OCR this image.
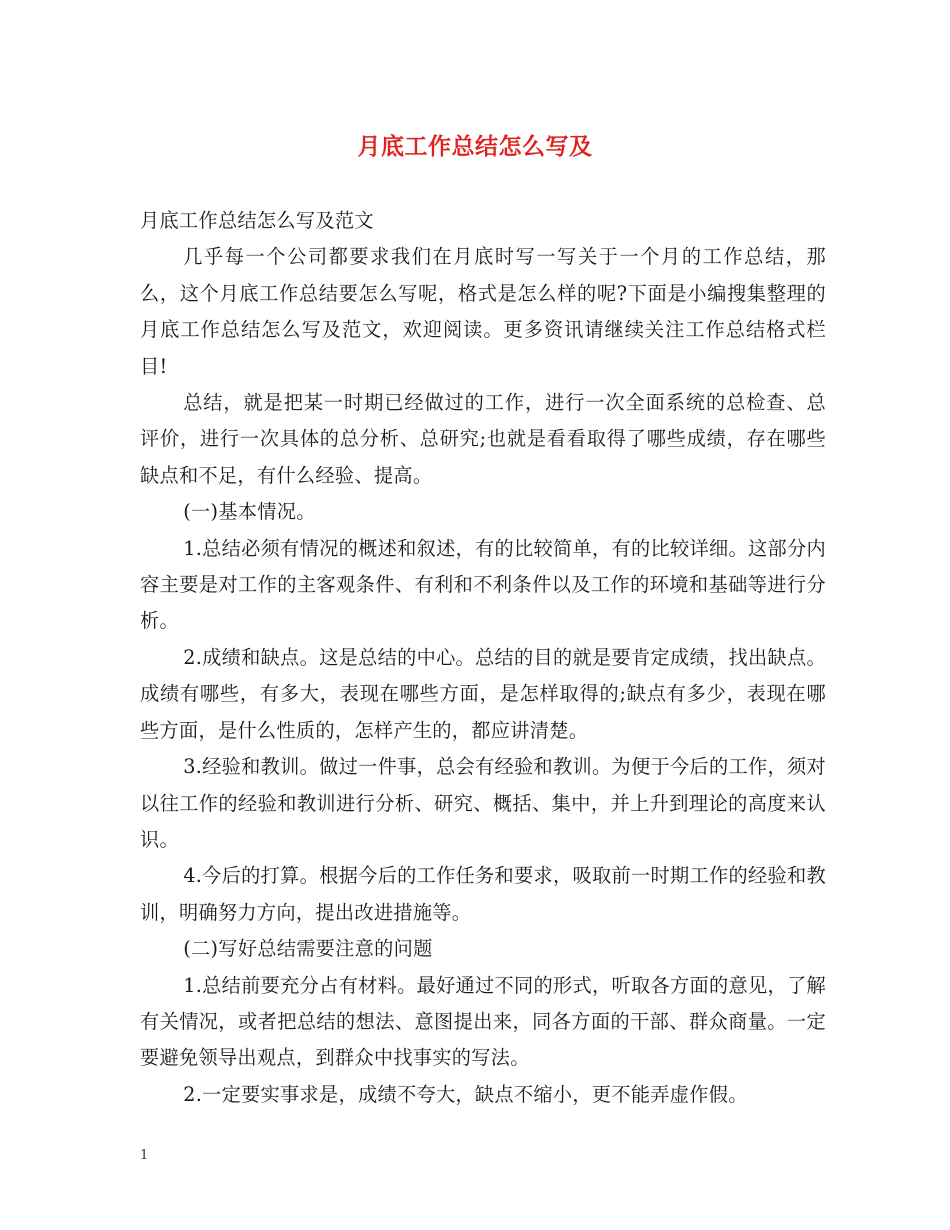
月底工作总结怎么写及

月底工作总结怎么写及范文

几乎每一个公司都要求我们在月底时写一写关于一个月的工作总结，那么，这个月底工作总结要怎么写呢，格式是怎么样的呢?下面是小编搜集整理的月底工作总结怎么写及范文，欢迎阅读。更多资讯请继续关注工作总结格式栏目!

总结，就是把某一时期已经做过的工作，进行一次全面系统的总检查、总评价，进行一次具体的总分析、总研究;也就是看看取得了哪些成绩，存在哪些缺点和不足，有什么经验、提高。

(一)基本情况。

1.总结必须有情况的概述和叙述，有的比较简单，有的比较详细。这部分内容主要是对工作的主客观条件、有利和不利条件以及工作的环境和基础等进行分析。

2.成绩和缺点。这是总结的中心。总结的目的就是要肯定成绩，找出缺点。成绩有哪些，有多大，表现在哪些方面，是怎样取得的;缺点有多少，表现在哪些方面，是什么性质的，怎样产生的，都应讲清楚。

3.经验和教训。做过一件事，总会有经验和教训。为便于今后的工作，须对以往工作的经验和教训进行分析、研究、概括、集中，并上升到理论的高度来认识。

4.今后的打算。根据今后的工作任务和要求，吸取前一时期工作的经验和教训，明确努力方向，提出改进措施等。

(二)写好总结需要注意的问题

1.总结前要充分占有材料。最好通过不同的形式，听取各方面的意见，了解有关情况，或者把总结的想法、意图提出来，同各方面的干部、群众商量。一定要避免领导出观点，到群众中找事实的写法。

2.一定要实事求是，成绩不夸大，缺点不缩小，更不能弄虚作假。

1
